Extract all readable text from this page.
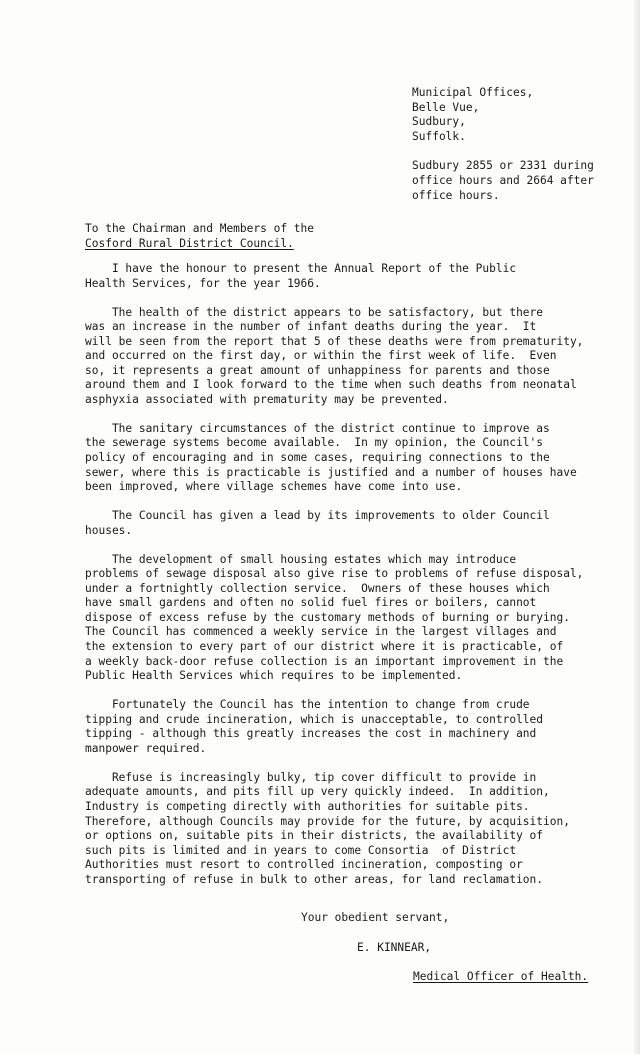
Municipal Offices,
Belle Vue,
Sudbury,
Suffolk.
Sudbury 2855 or 2331 during
office hours and 2664 after
office hours.
To the Chairman and Members of the
Cosford Rural District Council.
I have the honour to present the Annual Report of the Public
Health Services, for the year 1966.
The health of the district appears to be satisfactory, but there
was an increase in the number of infant deaths during the year.  It
will be seen from the report that 5 of these deaths were from prematurity,
and occurred on the first day, or within the first week of life.  Even
so, it represents a great amount of unhappiness for parents and those
around them and I look forward to the time when such deaths from neonatal
asphyxia associated with prematurity may be prevented.
The sanitary circumstances of the district continue to improve as
the sewerage systems become available.  In my opinion, the Council's
policy of encouraging and in some cases, requiring connections to the
sewer, where this is practicable is justified and a number of houses have
been improved, where village schemes have come into use.
The Council has given a lead by its improvements to older Council
houses.
The development of small housing estates which may introduce
problems of sewage disposal also give rise to problems of refuse disposal,
under a fortnightly collection service.  Owners of these houses which
have small gardens and often no solid fuel fires or boilers, cannot
dispose of excess refuse by the customary methods of burning or burying.
The Council has commenced a weekly service in the largest villages and
the extension to every part of our district where it is practicable, of
a weekly back-door refuse collection is an important improvement in the
Public Health Services which requires to be implemented.
Fortunately the Council has the intention to change from crude
tipping and crude incineration, which is unacceptable, to controlled
tipping - although this greatly increases the cost in machinery and
manpower required.
Refuse is increasingly bulky, tip cover difficult to provide in
adequate amounts, and pits fill up very quickly indeed.  In addition,
Industry is competing directly with authorities for suitable pits.
Therefore, although Councils may provide for the future, by acquisition,
or options on, suitable pits in their districts, the availability of
such pits is limited and in years to come Consortia  of District
Authorities must resort to controlled incineration, composting or
transporting of refuse in bulk to other areas, for land reclamation.
Your obedient servant,
E. KINNEAR,
Medical Officer of Health.
